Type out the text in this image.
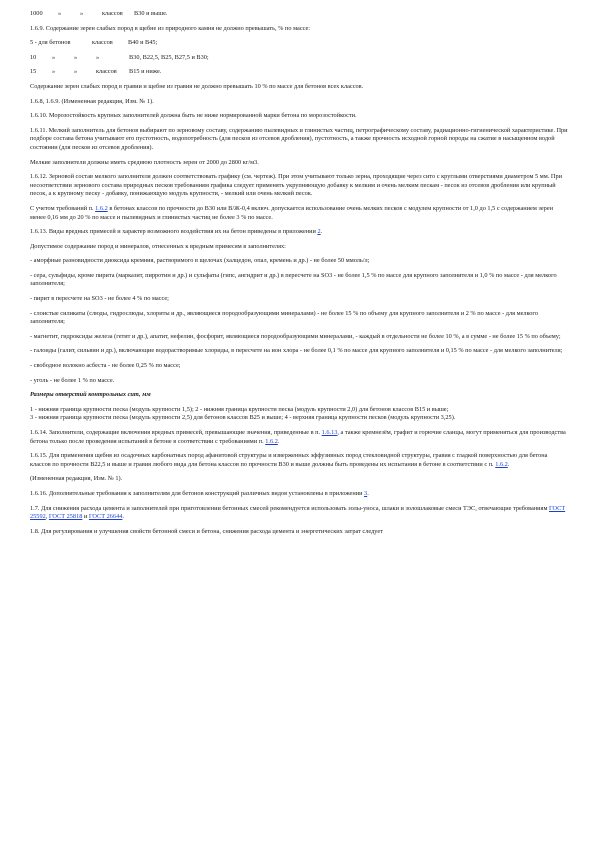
1000	»	»	классов	В30 и выше.

1.6.9. Содержание зерен слабых пород в щебне из природного камня не должно превышать, % по массе:

5 - для бетонов	классов	В40 и В45;
10	»	»	»	В30, В22,5, В25, В27,5 и В30;
15	»	»	классов	В15 и ниже.

Содержание зерен слабых пород в гравии и щебне из гравия не должно превышать 10 % по массе для бетонов всех классов.

1.6.8, 1.6.9. (Измененная редакция, Изм. № 1).

1.6.10. Морозостойкость крупных заполнителей должна быть не ниже нормированной марки бетона по морозостойкости.

1.6.11. Мелкий заполнитель для бетонов выбирают по зерновому составу, содержанию пылевидных и глинистых частиц, петрографическому составу, радиационно-гигиенической характеристике. При подборе состава бетона учитывают его пустотность, водопотребность (для песков из отсевов дробления), пустотность, а также прочность исходной горной породы на сжатие в насыщенном водой состоянии (для песков из отсевов дробления).

Мелкие заполнители должны иметь среднюю плотность зерен от 2000 до 2800 кг/м3.

1.6.12. Зерновой состав мелкого заполнителя должен соответствовать графику (см. чертеж). При этом учитывают только зерна, проходящие через сито с круглыми отверстиями диаметром 5 мм. При несоответствии зернового состава природных песков требованиям графика следует применять укрупняющую добавку к мелким и очень мелким пескам - песок из отсевов дробления или крупный песок, а к крупному песку - добавку, понижающую модуль крупности, - мелкий или очень мелкий песок.

С учетом требований п. 1.6.2 в бетонах классов по прочности до В30 или В/Ж-0,4 включ. допускается использование очень мелких песков с модулем крупности от 1,0 до 1,5 с содержанием зерен менее 0,16 мм до 20 % по массе и пылевидных и глинистых частиц не более 3 % по массе.

1.6.13. Виды вредных примесей и характер возможного воздействия их на бетон приведены в приложении 2.

Допустимое содержание пород и минералов, отнесенных к вредным примесям в заполнителях:

- аморфные разновидности диоксида кремния, растворимого в щелочах (халцедон, опал, кремень и др.) - не более 50 ммоль/л;

- сера, сульфиды, кроме пирита (марказит, пирротин и др.) и сульфаты (гипс, ангидрит и др.) в пересчете на SO3 - не более 1,5 % по массе для крупного заполнителя и 1,0 % по массе - для мелкого заполнителя;

- пирит в пересчете на SO3 - не более 4 % по массе;

- слоистые силикаты (слюды, гидрослюды, хлориты и др., являющиеся породообразующими минералами) - не более 15 % по объему для крупного заполнителя и 2 % по массе - для мелкого заполнителя;

- магнетит, гидроксиды железа (гетит и др.), апатит, нефелин, фосфорит, являющиеся породообразующими минералами, - каждый в отдельности не более 10 %, а в сумме - не более 15 % по объему;

- галоиды (галит, сильвин и др.), включающие водорастворимые хлориды, в пересчете на ион хлора - не более 0,1 % по массе для крупного заполнителя и 0,15 % по массе - для мелкого заполнителя;

- свободное волокно асбеста - не более 0,25 % по массе;

- уголь - не более 1 % по массе.

Размеры отверстий контрольных сит, мм

1 - нижняя граница крупности песка (модуль крупности 1,5); 2 - нижняя граница крупности песка (модуль крупности 2,0) для бетонов классов В15 и выше;

3 - нижняя граница крупности песка (модуль крупности 2,5) для бетонов классов В25 и выше; 4 - верхняя граница крупности песков (модуль крупности 3,25).

1.6.14. Заполнители, содержащие включения вредных примесей, превышающие значения, приведенные в п. 1.6.13, а также кремнезём, графит и горючие сланцы, могут применяться для производства бетона только после проведения испытаний в бетоне в соответствии с требованиями п. 1.6.2.

1.6.15. Для применения щебня из осадочных карбонатных пород афанитовой структуры и изверженных эффузивных пород стекловидной структуры, гравия с гладкой поверхностью для бетона классов по прочности В22,5 и выше и гравия любого вида для бетона классов по прочности В30 и выше должны быть проведены их испытания в бетоне в соответствии с п. 1.6.2.

(Измененная редакция, Изм. № 1).

1.6.16. Дополнительные требования к заполнителям для бетонов конструкций различных видов установлены в приложении 3.

1.7. Для снижения расхода цемента и заполнителей при приготовлении бетонных смесей рекомендуется использовать золы-уноса, шлаки и золошлаковые смеси ТЭС, отвечающие требованиям ГОСТ 25592, ГОСТ 25818 и ГОСТ 26644.

1.8. Для регулирования и улучшения свойств бетонной смеси и бетона, снижения расхода цемента и энергетических затрат следует
